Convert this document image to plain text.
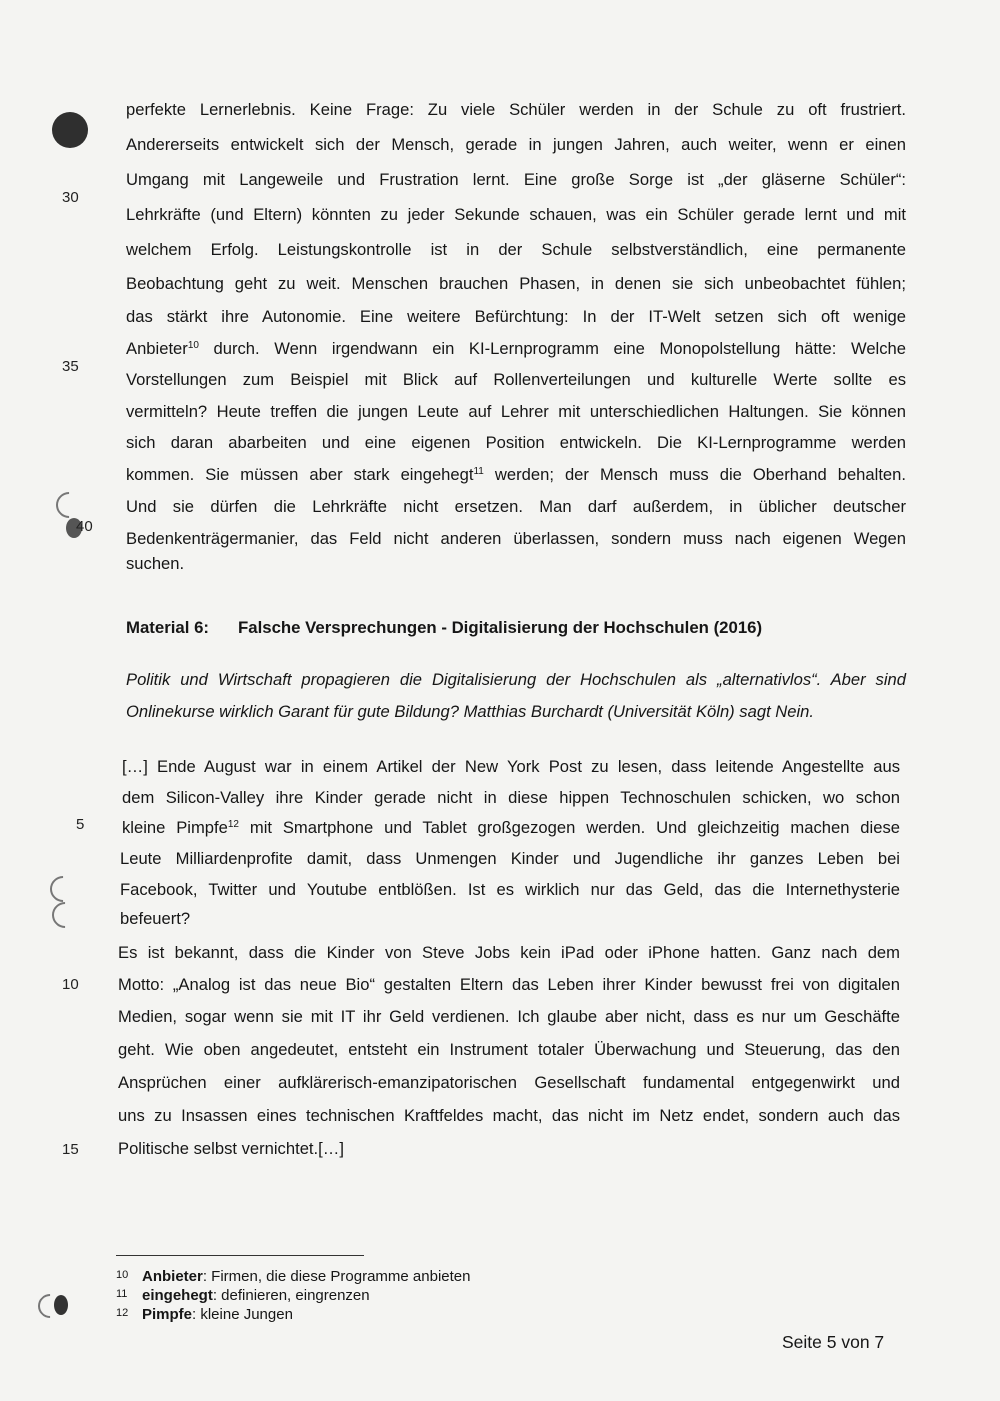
30
35
40
perfekte Lernerlebnis. Keine Frage: Zu viele Schüler werden in der Schule zu oft frustriert.
Andererseits entwickelt sich der Mensch, gerade in jungen Jahren, auch weiter, wenn er einen
Umgang mit Langeweile und Frustration lernt. Eine große Sorge ist „der gläserne Schüler“:
Lehrkräfte (und Eltern) könnten zu jeder Sekunde schauen, was ein Schüler gerade lernt und mit
welchem Erfolg. Leistungskontrolle ist in der Schule selbstverständlich, eine permanente
Beobachtung geht zu weit. Menschen brauchen Phasen, in denen sie sich unbeobachtet fühlen;
das stärkt ihre Autonomie. Eine weitere Befürchtung: In der IT-Welt setzen sich oft wenige
Anbieter$^{10}$ durch. Wenn irgendwann ein KI-Lernprogramm eine Monopolstellung hätte: Welche
Vorstellungen zum Beispiel mit Blick auf Rollenverteilungen und kulturelle Werte sollte es
vermitteln? Heute treffen die jungen Leute auf Lehrer mit unterschiedlichen Haltungen. Sie können
sich daran abarbeiten und eine eigenen Position entwickeln. Die KI-Lernprogramme werden
kommen. Sie müssen aber stark eingehegt$^{11}$ werden; der Mensch muss die Oberhand behalten.
Und sie dürfen die Lehrkräfte nicht ersetzen. Man darf außerdem, in üblicher deutscher
Bedenkenträgermanier, das Feld nicht anderen überlassen, sondern muss nach eigenen Wegen
suchen.
Material 6: Falsche Versprechungen - Digitalisierung der Hochschulen (2016)
Politik und Wirtschaft propagieren die Digitalisierung der Hochschulen als „alternativlos“. Aber sind
Onlinekurse wirklich Garant für gute Bildung? Matthias Burchardt (Universität Köln) sagt Nein.
5
10
15
[…] Ende August war in einem Artikel der New York Post zu lesen, dass leitende Angestellte aus
dem Silicon-Valley ihre Kinder gerade nicht in diese hippen Technoschulen schicken, wo schon
kleine Pimpfe$^{12}$ mit Smartphone und Tablet großgezogen werden. Und gleichzeitig machen diese
Leute Milliardenprofite damit, dass Unmengen Kinder und Jugendliche ihr ganzes Leben bei
Facebook, Twitter und Youtube entblößen. Ist es wirklich nur das Geld, das die Internethysterie
befeuert?
Es ist bekannt, dass die Kinder von Steve Jobs kein iPad oder iPhone hatten. Ganz nach dem
Motto: „Analog ist das neue Bio“ gestalten Eltern das Leben ihrer Kinder bewusst frei von digitalen
Medien, sogar wenn sie mit IT ihr Geld verdienen. Ich glaube aber nicht, dass es nur um Geschäfte
geht. Wie oben angedeutet, entsteht ein Instrument totaler Überwachung und Steuerung, das den
Ansprüchen einer aufklärerisch-emanzipatorischen Gesellschaft fundamental entgegenwirkt und
uns zu Insassen eines technischen Kraftfeldes macht, das nicht im Netz endet, sondern auch das
Politische selbst vernichtet.[…]
10 Anbieter: Firmen, die diese Programme anbieten
11 eingehegt: definieren, eingrenzen
12 Pimpfe: kleine Jungen
Seite 5 von 7
